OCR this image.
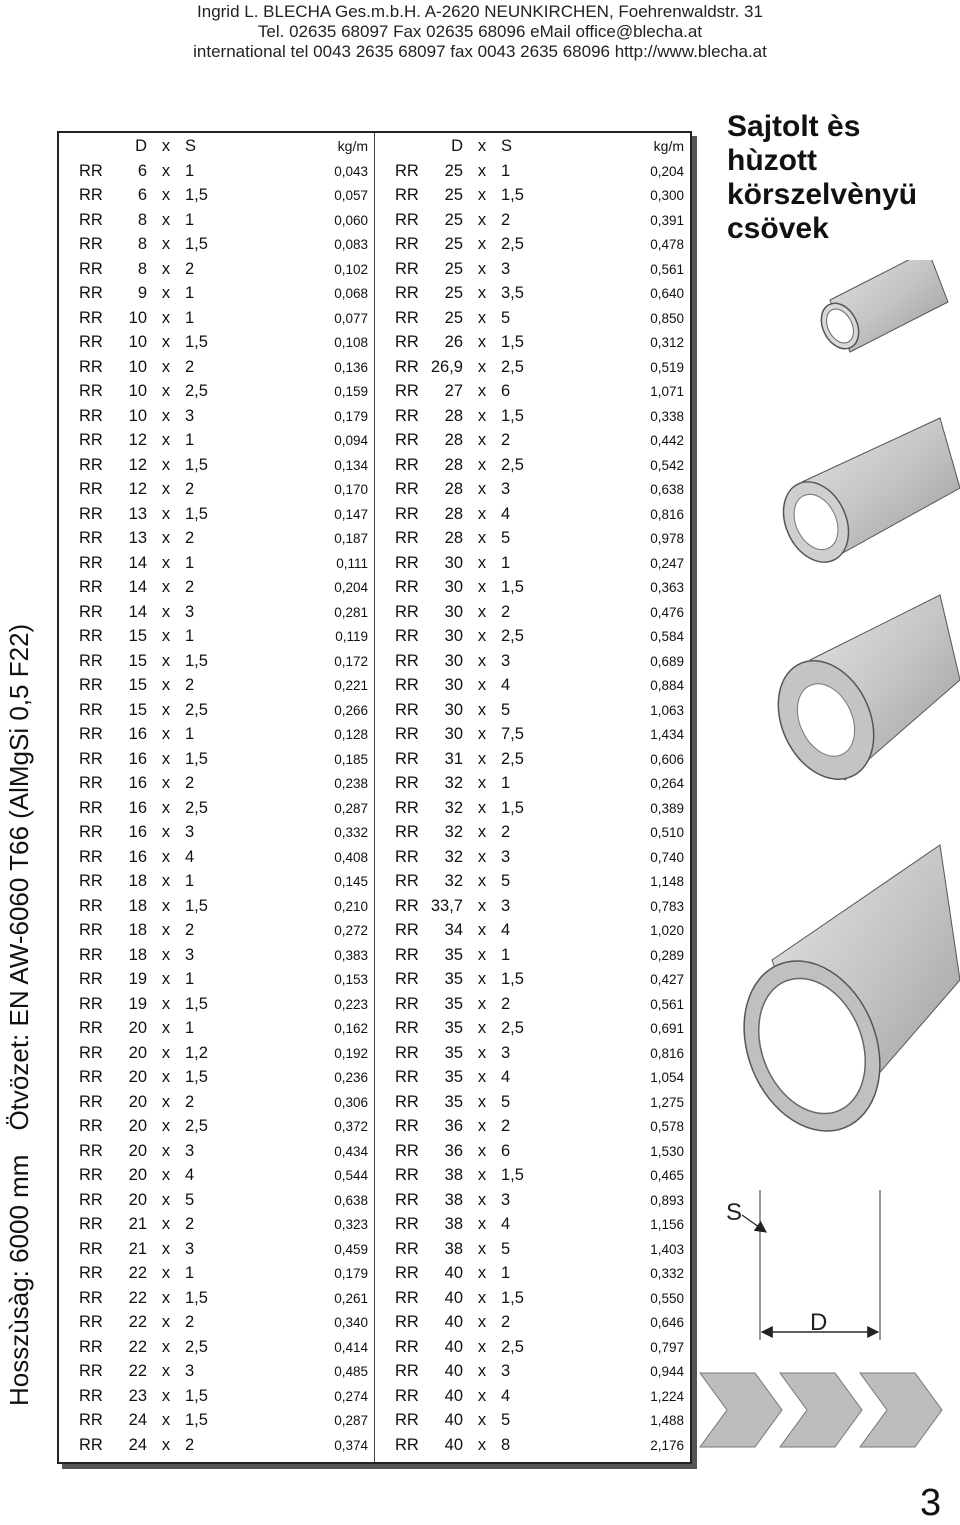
Ingrid L. BLECHA Ges.m.b.H. A-2620 NEUNKIRCHEN, Foehrenwaldstr. 31
Tel. 02635 68097 Fax 02635 68096 eMail office@blecha.at
international tel 0043 2635 68097 fax 0043 2635 68096 http://www.blecha.at
Hosszùsàg: 6000 mm
Ötvözet: EN AW-6060 T66 (AlMgSi 0,5 F22)
D x S	kg/m
RR	6 x 1	0,043
RR	6 x 1,5	0,057
RR	8 x 1	0,060
RR	8 x 1,5	0,083
RR	8 x 2	0,102
RR	9 x 1	0,068
RR	10 x 1	0,077
RR	10 x 1,5	0,108
RR	10 x 2	0,136
RR	10 x 2,5	0,159
RR	10 x 3	0,179
RR	12 x 1	0,094
RR	12 x 1,5	0,134
RR	12 x 2	0,170
RR	13 x 1,5	0,147
RR	13 x 2	0,187
RR	14 x 1	0,111
RR	14 x 2	0,204
RR	14 x 3	0,281
RR	15 x 1	0,119
RR	15 x 1,5	0,172
RR	15 x 2	0,221
RR	15 x 2,5	0,266
RR	16 x 1	0,128
RR	16 x 1,5	0,185
RR	16 x 2	0,238
RR	16 x 2,5	0,287
RR	16 x 3	0,332
RR	16 x 4	0,408
RR	18 x 1	0,145
RR	18 x 1,5	0,210
RR	18 x 2	0,272
RR	18 x 3	0,383
RR	19 x 1	0,153
RR	19 x 1,5	0,223
RR	20 x 1	0,162
RR	20 x 1,2	0,192
RR	20 x 1,5	0,236
RR	20 x 2	0,306
RR	20 x 2,5	0,372
RR	20 x 3	0,434
RR	20 x 4	0,544
RR	20 x 5	0,638
RR	21 x 2	0,323
RR	21 x 3	0,459
RR	22 x 1	0,179
RR	22 x 1,5	0,261
RR	22 x 2	0,340
RR	22 x 2,5	0,414
RR	22 x 3	0,485
RR	23 x 1,5	0,274
RR	24 x 1,5	0,287
RR	24 x 2	0,374
D x S	kg/m
RR	25 x 1	0,204
RR	25 x 1,5	0,300
RR	25 x 2	0,391
RR	25 x 2,5	0,478
RR	25 x 3	0,561
RR	25 x 3,5	0,640
RR	25 x 5	0,850
RR	26 x 1,5	0,312
RR 26,9 x 2,5	0,519
RR	27 x 6	1,071
RR	28 x 1,5	0,338
RR	28 x 2	0,442
RR	28 x 2,5	0,542
RR	28 x 3	0,638
RR	28 x 4	0,816
RR	28 x 5	0,978
RR	30 x 1	0,247
RR	30 x 1,5	0,363
RR	30 x 2	0,476
RR	30 x 2,5	0,584
RR	30 x 3	0,689
RR	30 x 4	0,884
RR	30 x 5	1,063
RR	30 x 7,5	1,434
RR	31 x 2,5	0,606
RR	32 x 1	0,264
RR	32 x 1,5	0,389
RR	32 x 2	0,510
RR	32 x 3	0,740
RR	32 x 5	1,148
RR 33,7 x 3	0,783
RR	34 x 4	1,020
RR	35 x 1	0,289
RR	35 x 1,5	0,427
RR	35 x 2	0,561
RR	35 x 2,5	0,691
RR	35 x 3	0,816
RR	35 x 4	1,054
RR	35 x 5	1,275
RR	36 x 2	0,578
RR	36 x 6	1,530
RR	38 x 1,5	0,465
RR	38 x 3	0,893
RR	38 x 4	1,156
RR	38 x 5	1,403
RR	40 x 1	0,332
RR	40 x 1,5	0,550
RR	40 x 2	0,646
RR	40 x 2,5	0,797
RR	40 x 3	0,944
RR	40 x 4	1,224
RR	40 x 5	1,488
RR	40 x 8	2,176
Sajtolt ès
hùzott
körszelvènyü
csövek
S
D
3
